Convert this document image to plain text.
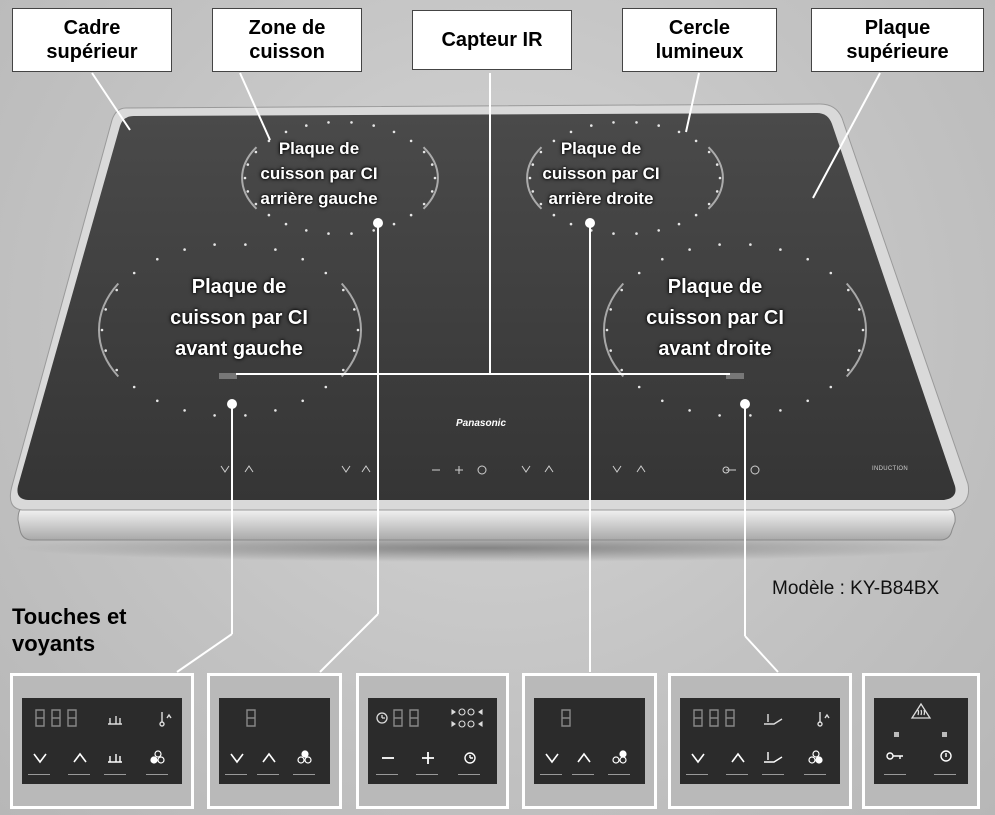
Cadre
supérieur
Zone de
cuisson
Capteur IR
Cercle
lumineux
Plaque
supérieure
Plaque de
cuisson par CI
arrière gauche
Plaque de
cuisson par CI
arrière droite
Plaque de
cuisson par CI
avant gauche
Plaque de
cuisson par CI
avant droite
Panasonic
INDUCTION
Modèle : KY-B84BX
Touches et
voyants
